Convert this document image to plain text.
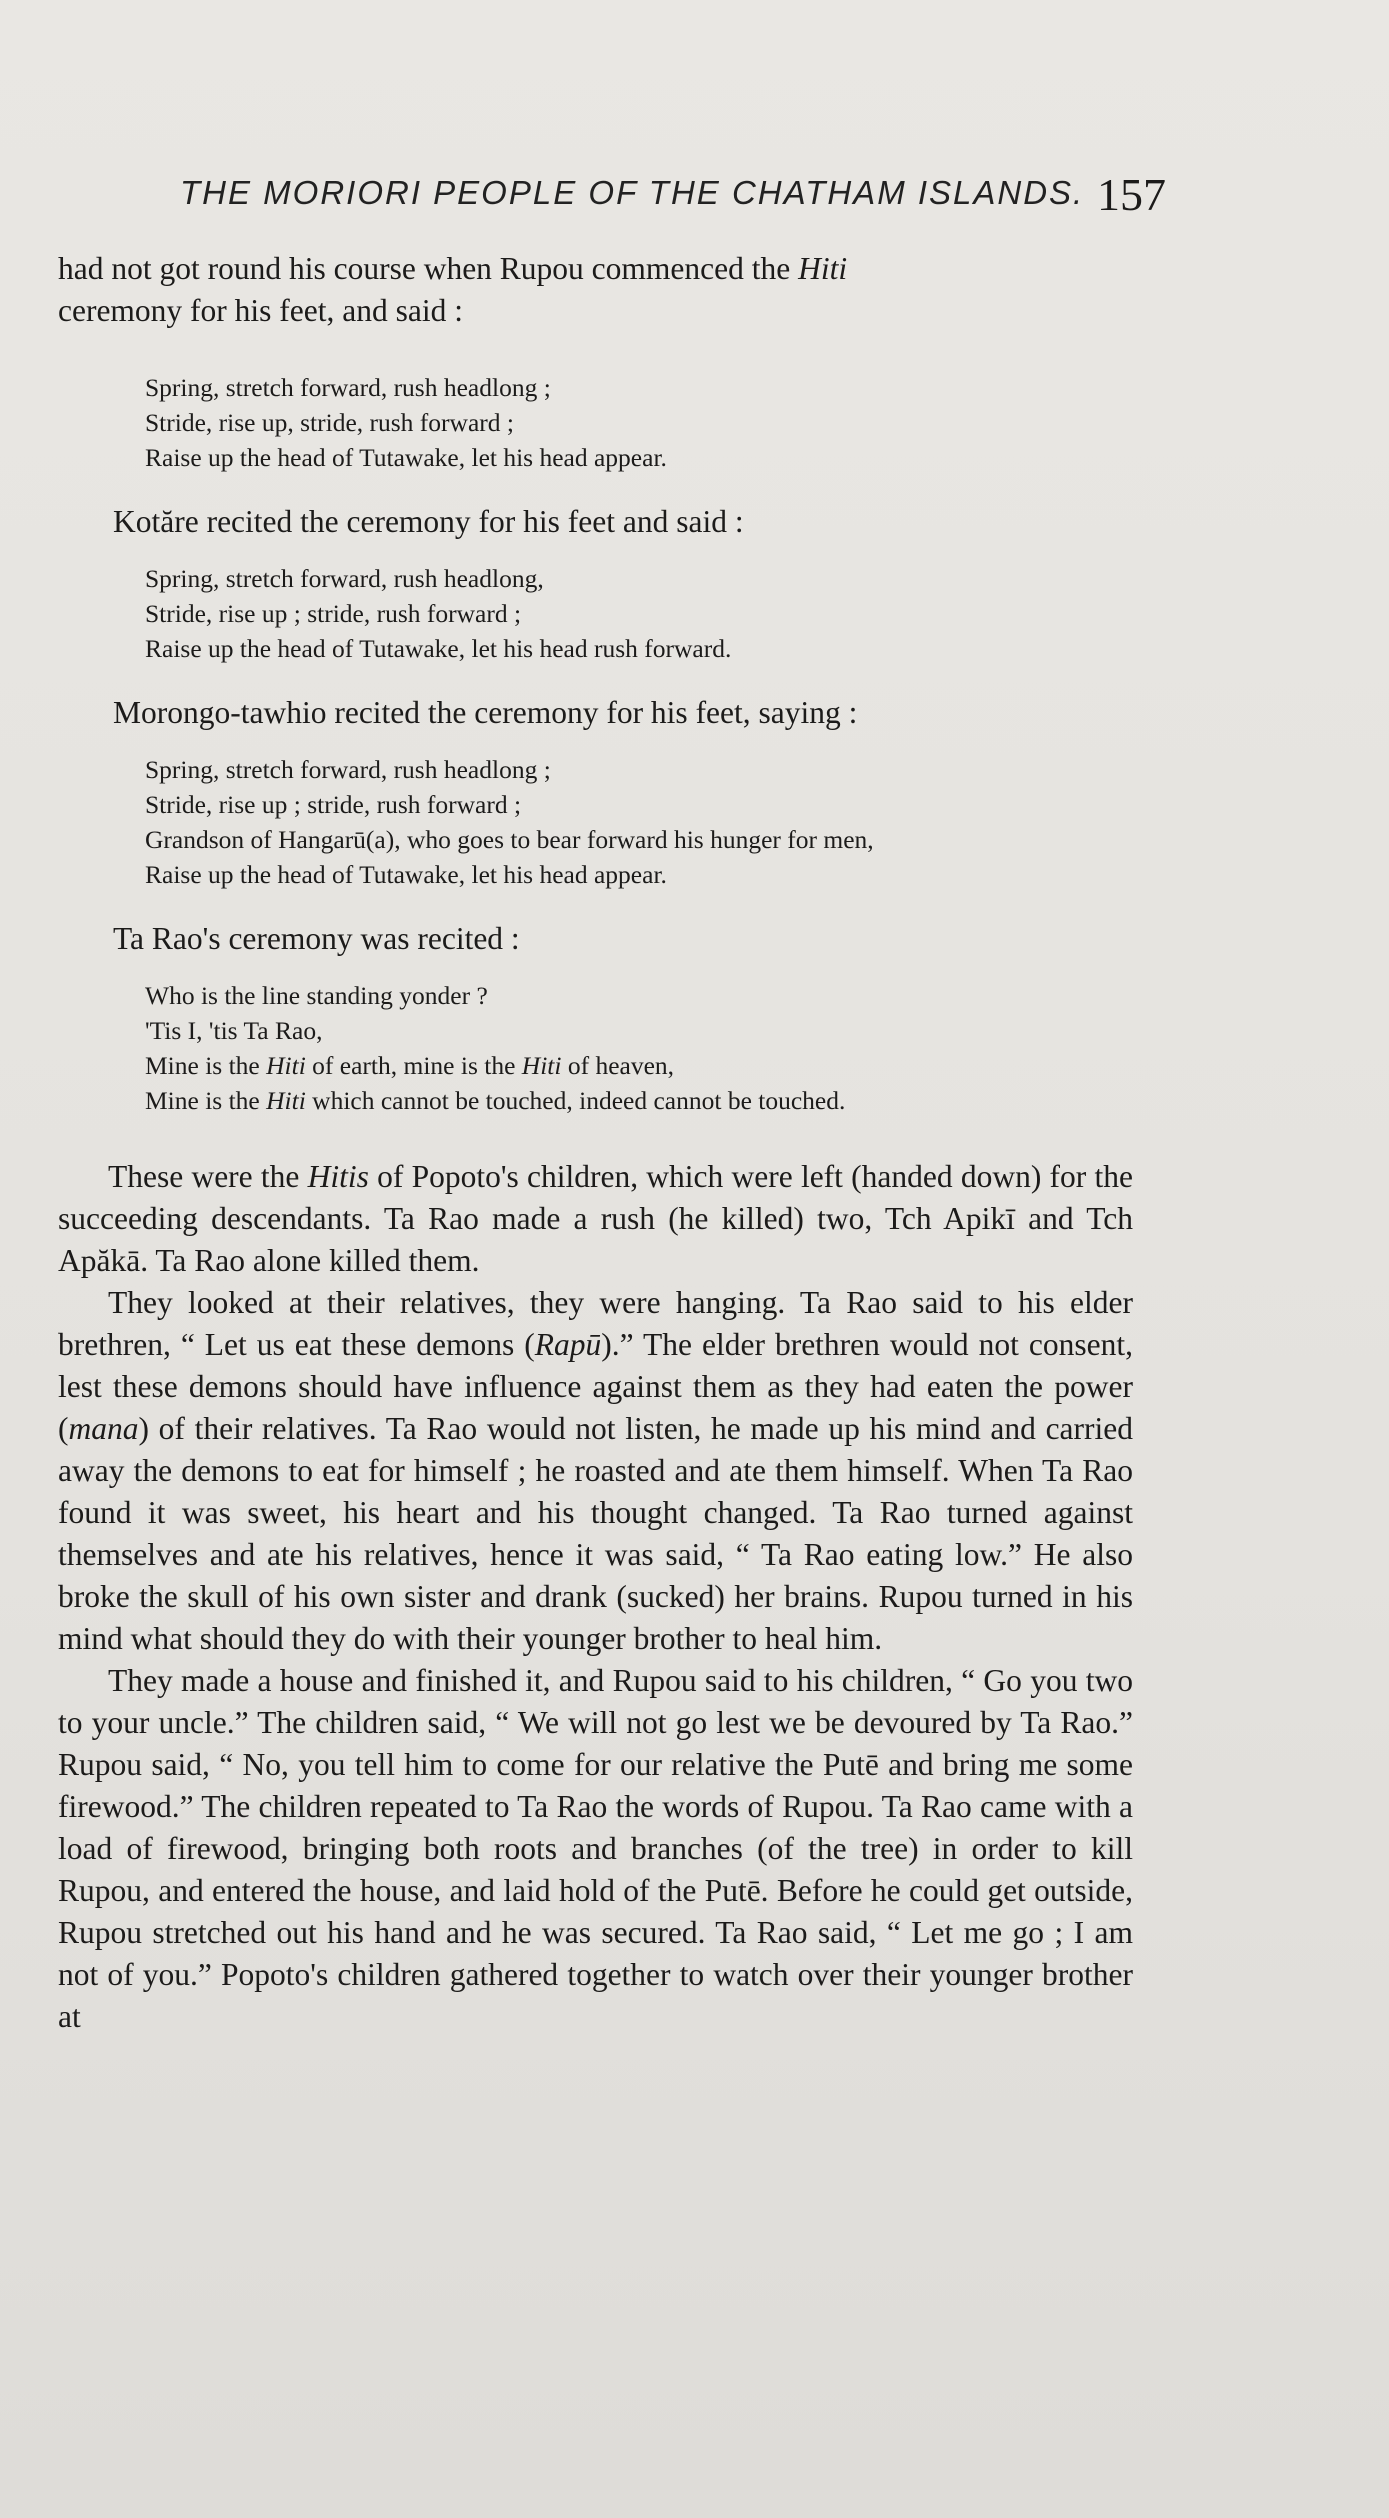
THE MORIORI PEOPLE OF THE CHATHAM ISLANDS. 157

had not got round his course when Rupou commenced the Hiti
ceremony for his feet, and said :

Spring, stretch forward, rush headlong ;
Stride, rise up, stride, rush forward ;
Raise up the head of Tutawake, let his head appear.

Kotăre recited the ceremony for his feet and said :

Spring, stretch forward, rush headlong,
Stride, rise up ; stride, rush forward ;
Raise up the head of Tutawake, let his head rush forward.

Morongo-tawhio recited the ceremony for his feet, saying :

Spring, stretch forward, rush headlong ;
Stride, rise up ; stride, rush forward ;
Grandson of Hangarū(a), who goes to bear forward his hunger for men,
Raise up the head of Tutawake, let his head appear.

Ta Rao's ceremony was recited :

Who is the line standing yonder ?
'Tis I, 'tis Ta Rao,
Mine is the Hiti of earth, mine is the Hiti of heaven,
Mine is the Hiti which cannot be touched, indeed cannot be touched.

These were the Hitis of Popoto's children, which were left (handed down) for the succeeding descendants. Ta Rao made a rush (he killed) two, Tch Apikī and Tch Apăkā. Ta Rao alone killed them.

They looked at their relatives, they were hanging. Ta Rao said to his elder brethren, “ Let us eat these demons (Rapū).” The elder brethren would not consent, lest these demons should have influence against them as they had eaten the power (mana) of their relatives. Ta Rao would not listen, he made up his mind and carried away the demons to eat for himself ; he roasted and ate them himself. When Ta Rao found it was sweet, his heart and his thought changed. Ta Rao turned against themselves and ate his relatives, hence it was said, “ Ta Rao eating low.” He also broke the skull of his own sister and drank (sucked) her brains. Rupou turned in his mind what should they do with their younger brother to heal him.

They made a house and finished it, and Rupou said to his children, “ Go you two to your uncle.” The children said, “ We will not go lest we be devoured by Ta Rao.” Rupou said, “ No, you tell him to come for our relative the Putē and bring me some firewood.” The children repeated to Ta Rao the words of Rupou. Ta Rao came with a load of firewood, bringing both roots and branches (of the tree) in order to kill Rupou, and entered the house, and laid hold of the Putē. Before he could get outside, Rupou stretched out his hand and he was secured. Ta Rao said, “ Let me go ; I am not of you.” Popoto's children gathered together to watch over their younger brother at
